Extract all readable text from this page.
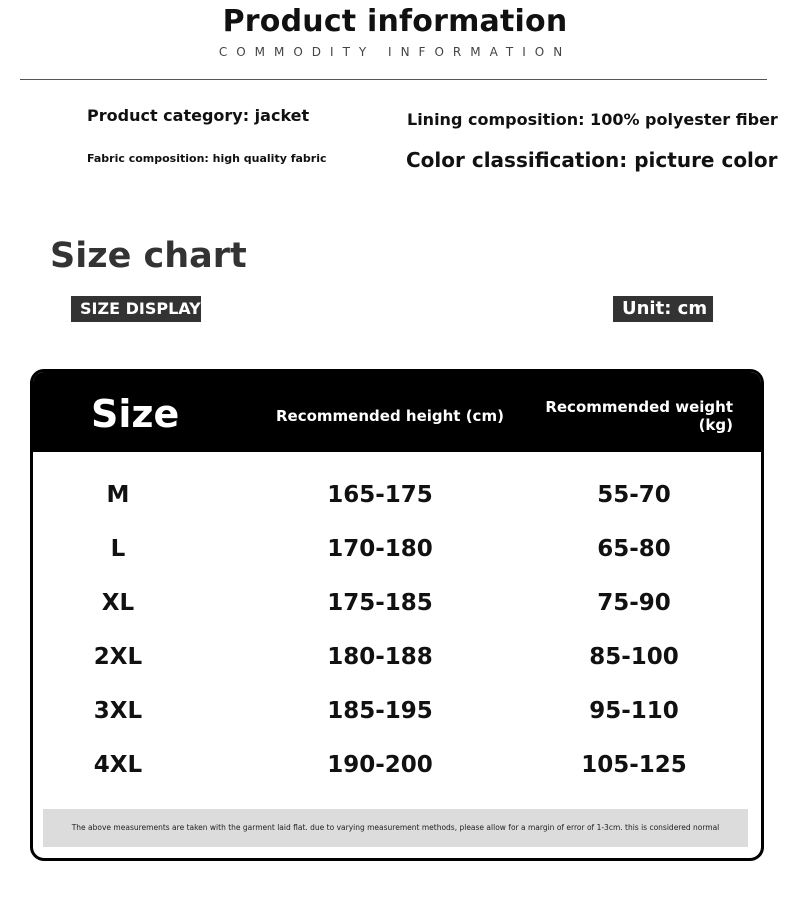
Product information
COMMODITY INFORMATION
Product category: jacket	Lining composition: 100% polyester fiber
Fabric composition: high quality fabric	Color classification: picture color
Size chart
SIZE DISPLAY	Unit: cm
Size	Recommended height (cm)	Recommended weight
(kg)
M	165-175	55-70
L	170-180	65-80
XL	175-185	75-90
2XL	180-188	85-100
3XL	185-195	95-110
4XL	190-200	105-125
The above measurements are taken with the garment laid flat. due to varying measurement methods, please allow for a margin of error of 1-3cm. this is considered normal
